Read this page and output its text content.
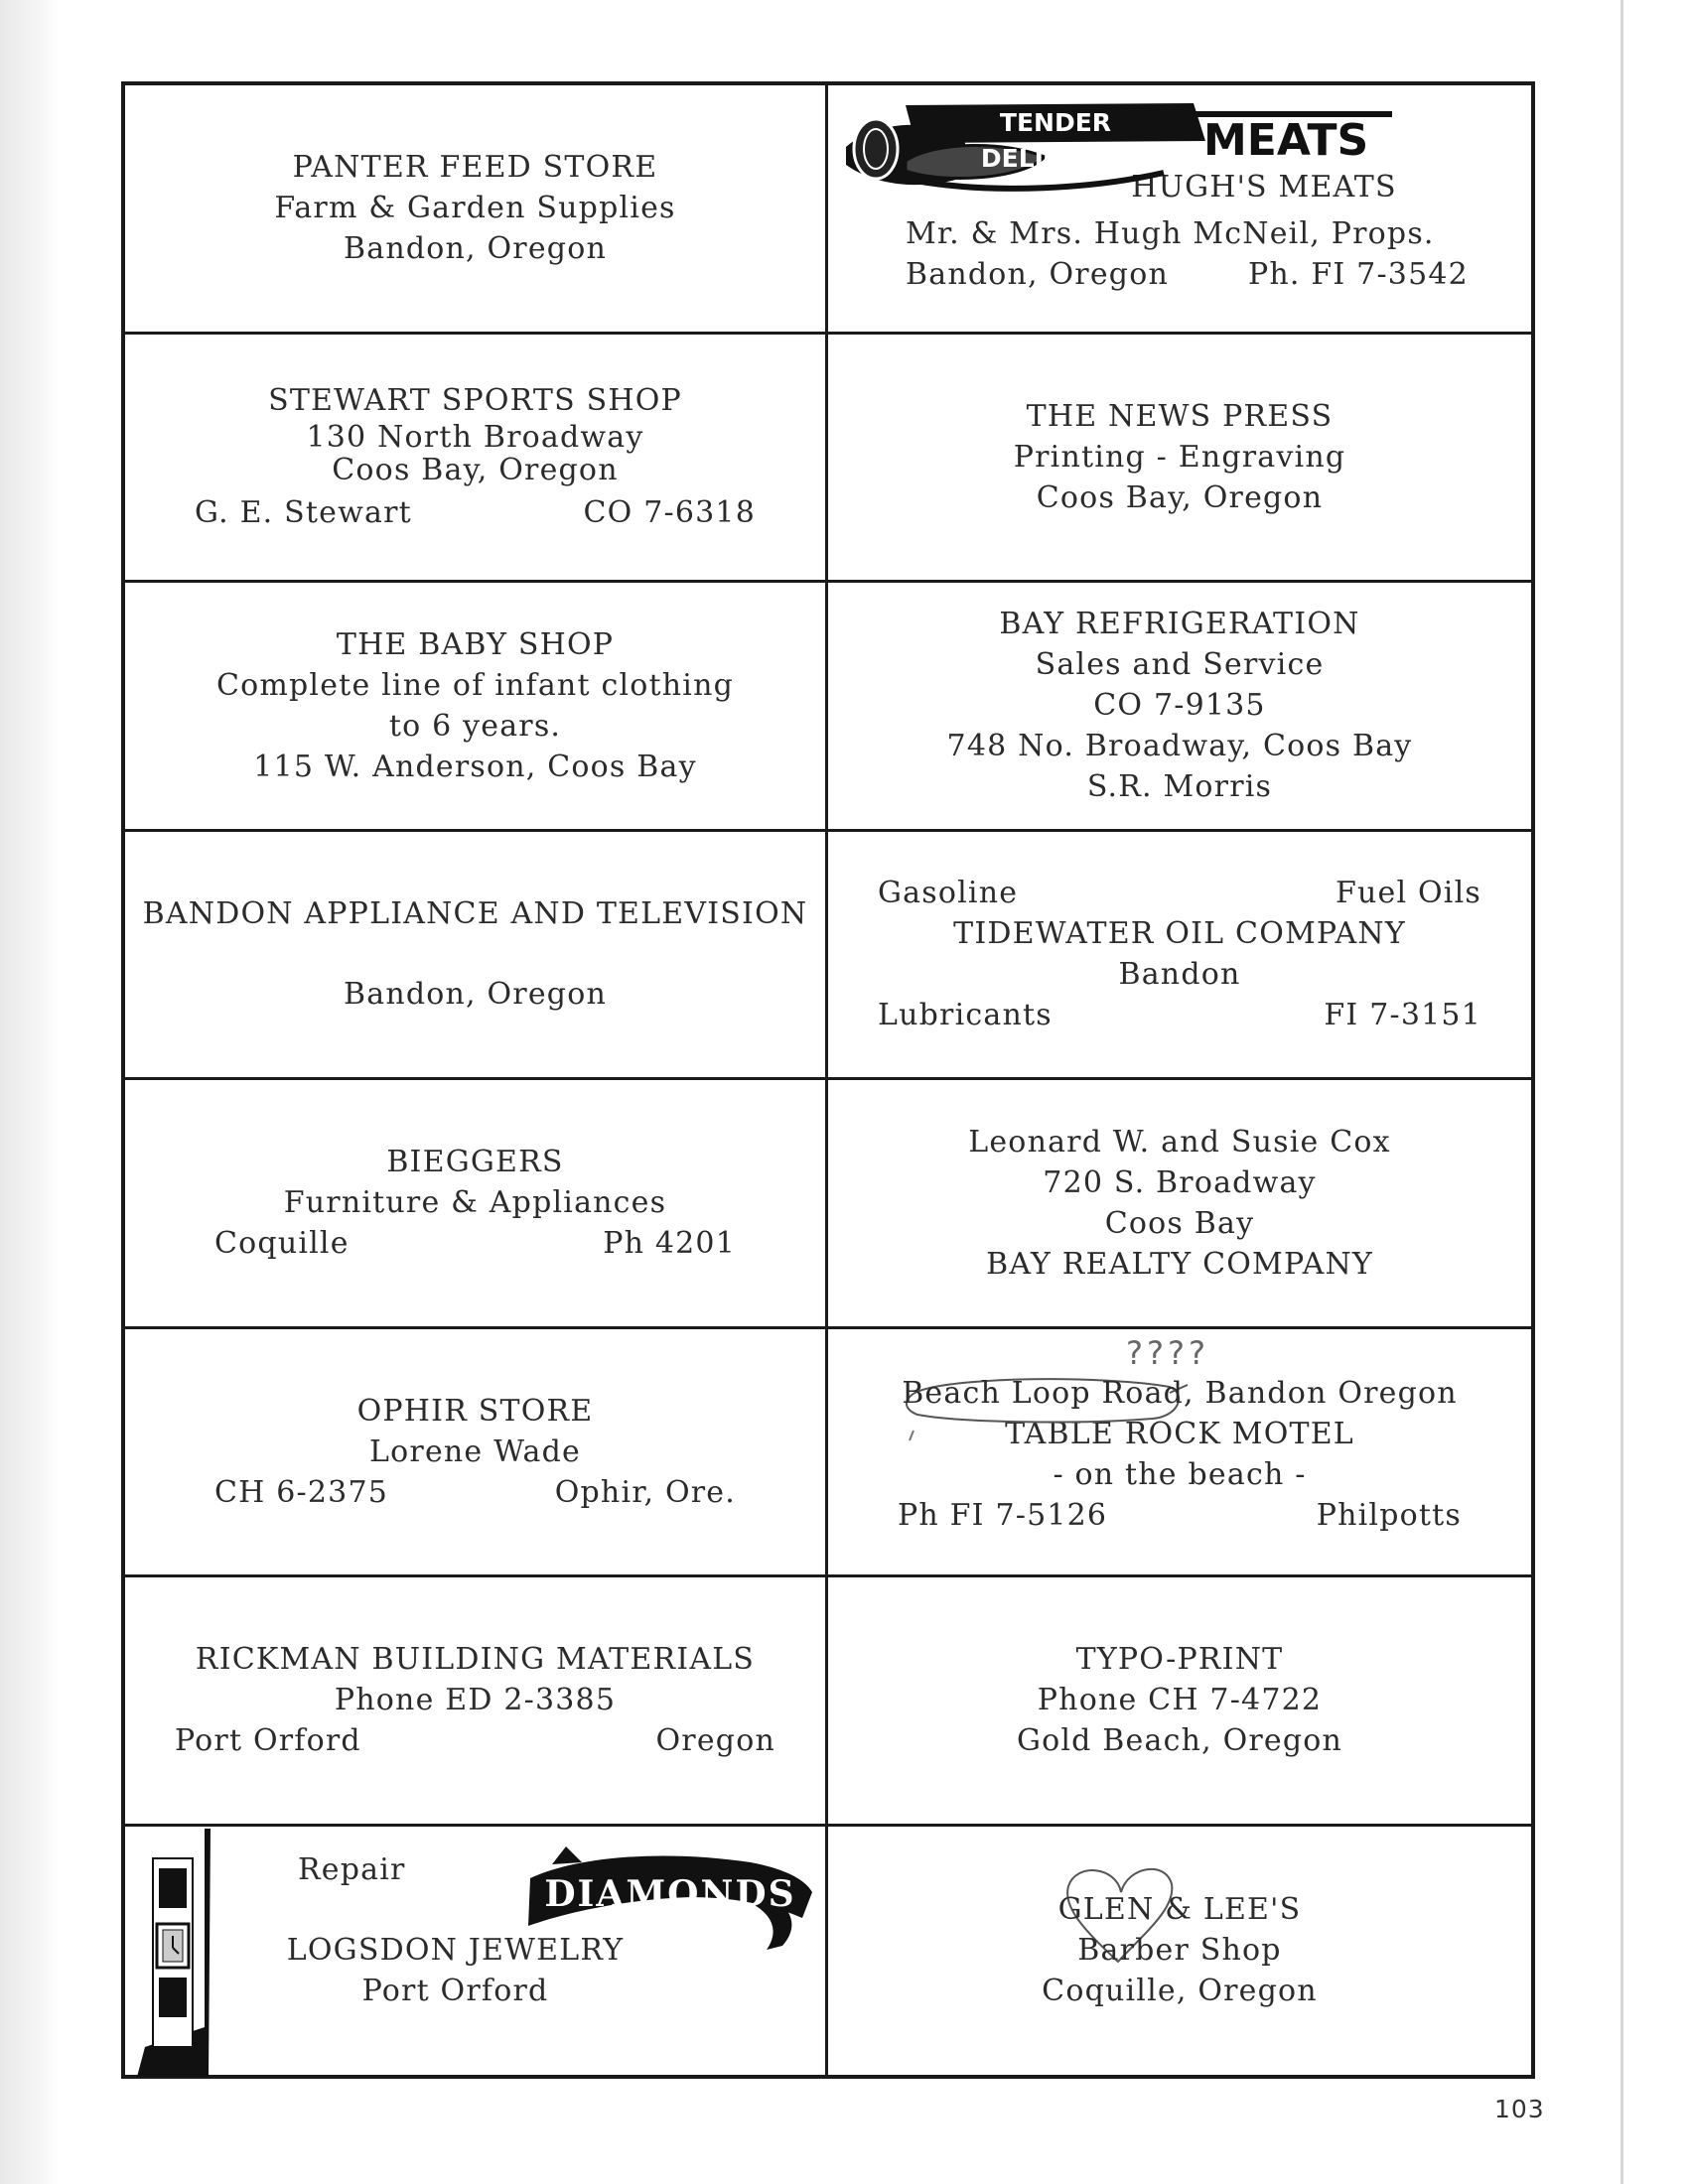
PANTER FEED STORE
Farm & Garden Supplies
Bandon, Oregon
TENDER DELICIOUS	MEATS
HUGH'S MEATS
Mr. & Mrs. Hugh McNeil, Props.
Bandon, Oregon	Ph. FI 7-3542
STEWART SPORTS SHOP
130 North Broadway
Coos Bay, Oregon
G. E. Stewart	CO 7-6318
THE NEWS PRESS
Printing - Engraving
Coos Bay, Oregon
THE BABY SHOP
Complete line of infant clothing
to 6 years.
115 W. Anderson, Coos Bay
BAY REFRIGERATION
Sales and Service
CO 7-9135
748 No. Broadway, Coos Bay
S.R. Morris
BANDON APPLIANCE AND TELEVISION
Bandon, Oregon
Gasoline	Fuel Oils
TIDEWATER OIL COMPANY
Bandon
Lubricants	FI 7-3151
BIEGGERS
Furniture & Appliances
Coquille	Ph 4201
Leonard W. and Susie Cox
720 S. Broadway
Coos Bay
BAY REALTY COMPANY
OPHIR STORE
Lorene Wade
CH 6-2375	Ophir, Ore.
????
Beach Loop Road, Bandon Oregon
TABLE ROCK MOTEL
- on the beach -
Ph FI 7-5126	Philpotts
RICKMAN BUILDING MATERIALS
Phone ED 2-3385
Port Orford	Oregon
TYPO-PRINT
Phone CH 7-4722
Gold Beach, Oregon
DIAMONDS
Repair
LOGSDON JEWELRY
Port Orford
GLEN & LEE'S
Barber Shop
Coquille, Oregon
103
